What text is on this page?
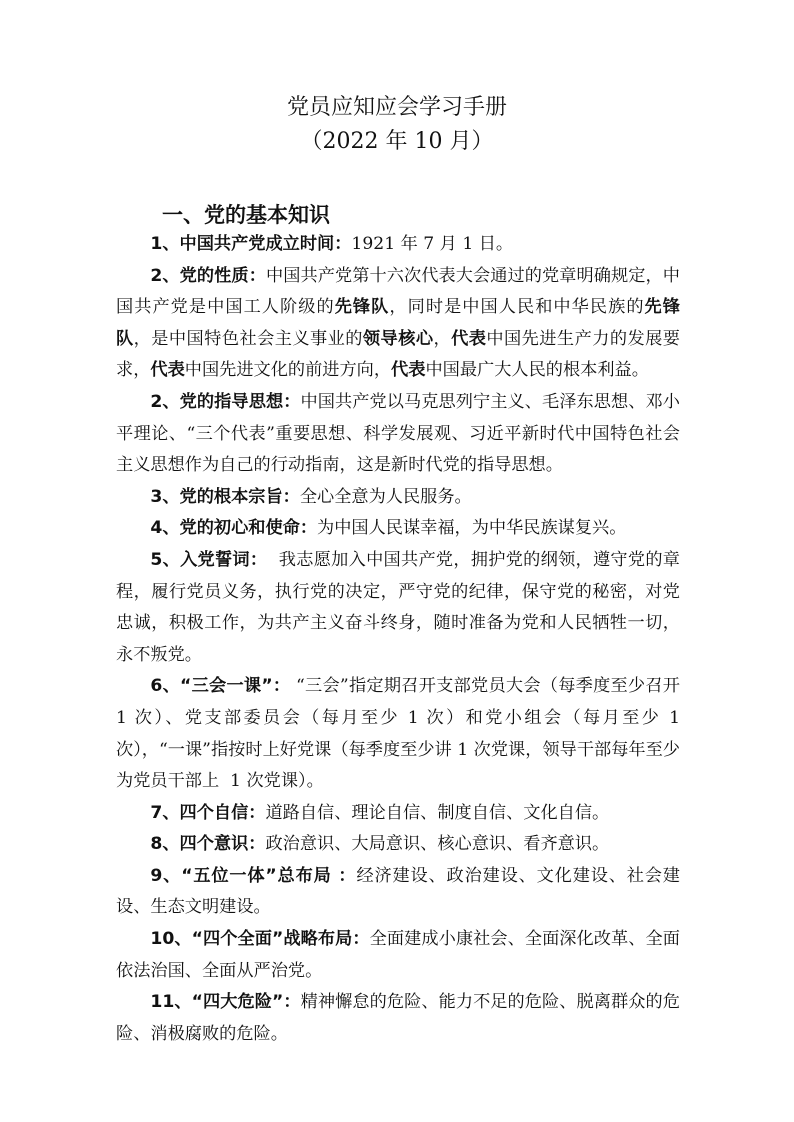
党员应知应会学习手册
（2022 年 10 月）
一、党的基本知识

1、中国共产党成立时间：1921 年 7 月 1 日。

2、党的性质：中国共产党第十六次代表大会通过的党章明确规定，中国共产党是中国工人阶级的先锋队，同时是中国人民和中华民族的先锋队，是中国特色社会主义事业的领导核心，代表中国先进生产力的发展要求，代表中国先进文化的前进方向，代表中国最广大人民的根本利益。

2、党的指导思想：中国共产党以马克思列宁主义、毛泽东思想、邓小平理论、“三个代表”重要思想、科学发展观、习近平新时代中国特色社会主义思想作为自己的行动指南，这是新时代党的指导思想。

3、党的根本宗旨：全心全意为人民服务。

4、党的初心和使命：为中国人民谋幸福，为中华民族谋复兴。

5、入党誓词：  我志愿加入中国共产党，拥护党的纲领，遵守党的章程，履行党员义务，执行党的决定，严守党的纪律，保守党的秘密，对党忠诚，积极工作，为共产主义奋斗终身，随时准备为党和人民牺牲一切，永不叛党。

6、“三会一课”： “三会”指定期召开支部党员大会（每季度至少召开 1 次）、党支部委员会（每月至少 1 次）和党小组会（每月至少 1 次），“一课”指按时上好党课（每季度至少讲 1 次党课，领导干部每年至少为党员干部上  1 次党课）。

7、四个自信：道路自信、理论自信、制度自信、文化自信。

8、四个意识：政治意识、大局意识、核心意识、看齐意识。

9、“五位一体”总布局 ：经济建设、政治建设、文化建设、社会建设、生态文明建设。

10、“四个全面”战略布局：全面建成小康社会、全面深化改革、全面依法治国、全面从严治党。

11、“四大危险”：精神懈怠的危险、能力不足的危险、脱离群众的危险、消极腐败的危险。
